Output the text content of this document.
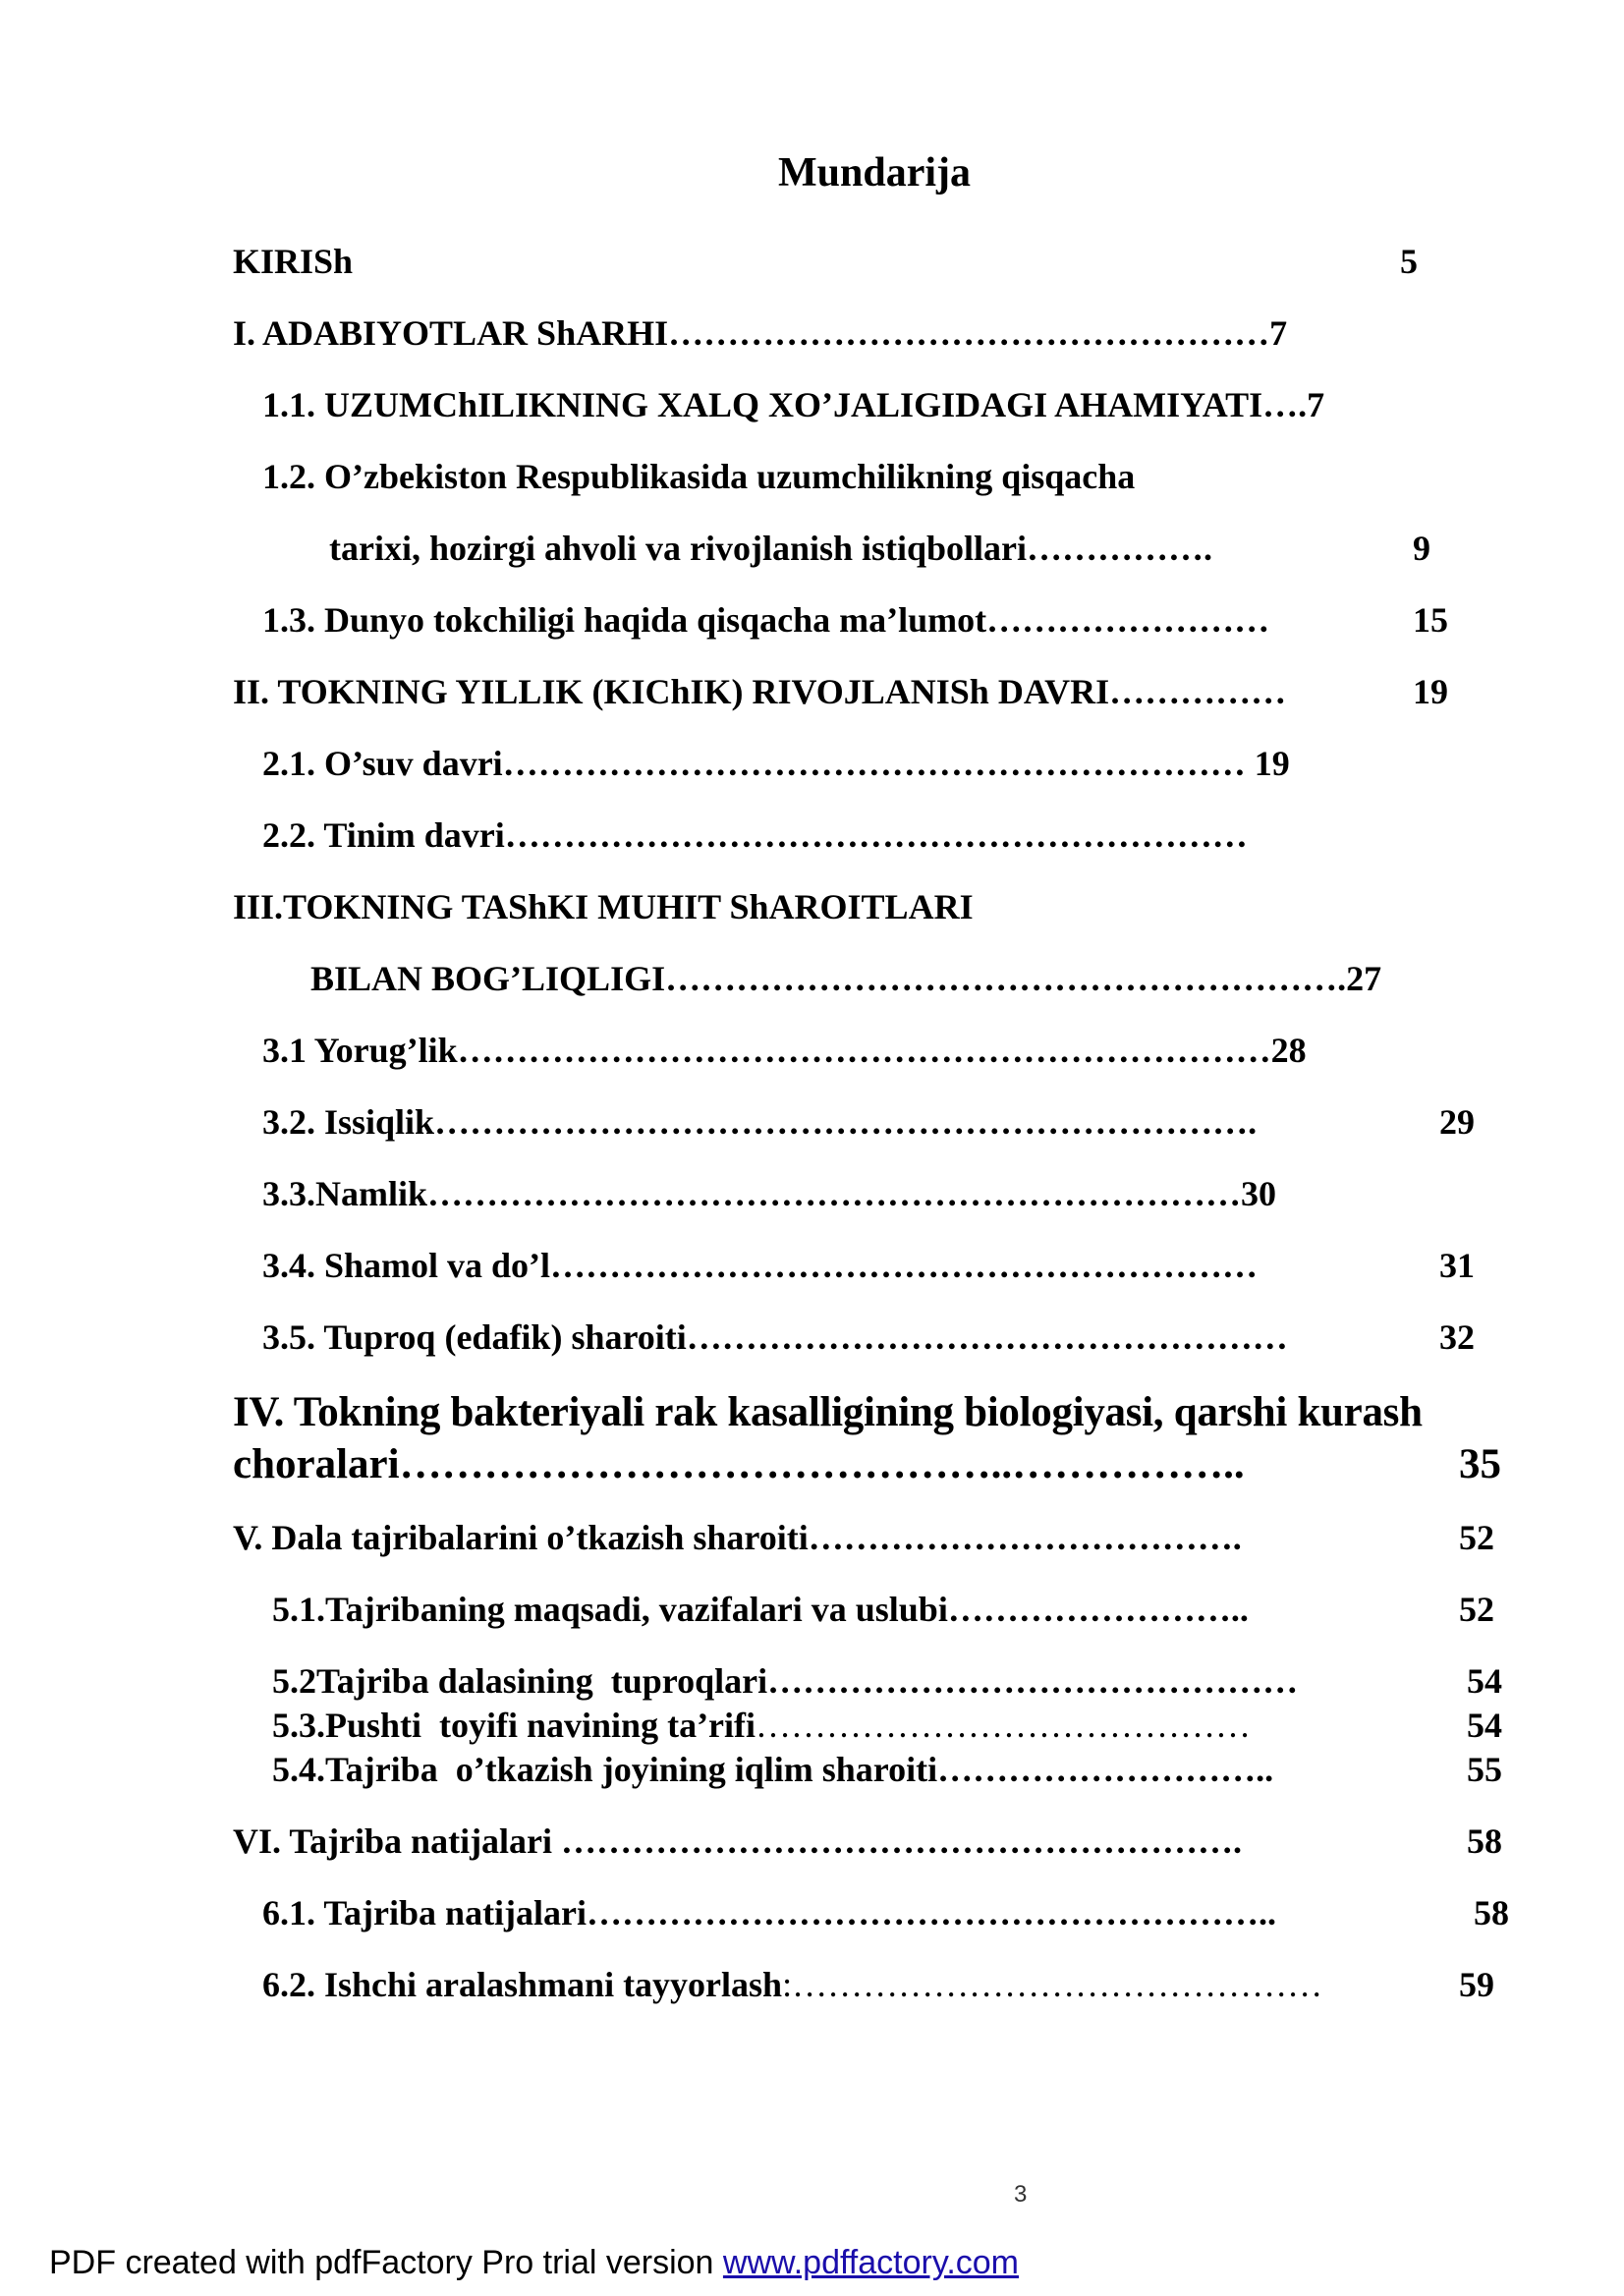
Mundarija
KIRISh	5
I. ADABIYOTLAR ShARHI……………………………………………7
1.1. UZUMChILIKNING XALQ XO’JALIGIDAGI AHAMIYATI….7
1.2. O’zbekiston Respublikasida uzumchilikning qisqacha
tarixi, hozirgi ahvoli va rivojlanish istiqbollari…………….	9
1.3. Dunyo tokchiligi haqida qisqacha ma’lumot……………………	15
II. TOKNING YILLIK (KIChIK) RIVOJLANISh DAVRI……………	19
2.1. O’suv davri……………………………………………………… 19
2.2. Tinim davri………………………………………………………
III.TOKNING TAShKI MUHIT ShAROITLARI
BILAN BOG’LIQLIGI………………………………………………….27
3.1 Yorug’lik……………………………………………………………28
3.2. Issiqlik…………………………………………………………….	29
3.3.Namlik……………………………………………………………30
3.4. Shamol va do’l……………………………………………………	31
3.5. Tuproq (edafik) sharoiti……………………………………………	32
IV. Tokning bakteriyali rak kasalligining biologiyasi, qarshi kurash
choralari……………………………………..……………..	35
V. Dala tajribalarini o’tkazish sharoiti……………………………….	52
5.1.Tajribaning maqsadi, vazifalari va uslubi……………………..	52
5.2Tajriba dalasining  tuproqlari………………………………………	54
5.3.Pushti  toyifi navining ta’rifi……………………………………	54
5.4.Tajriba  o’tkazish joyining iqlim sharoiti………………………..	55
VI. Tajriba natijalari ………………………………………………….	58
6.1. Tajriba natijalari…………………………………………………..	58
6.2. Ishchi aralashmani tayyorlash:………………………………………	59
3
PDF created with pdfFactory Pro trial version www.pdffactory.com
